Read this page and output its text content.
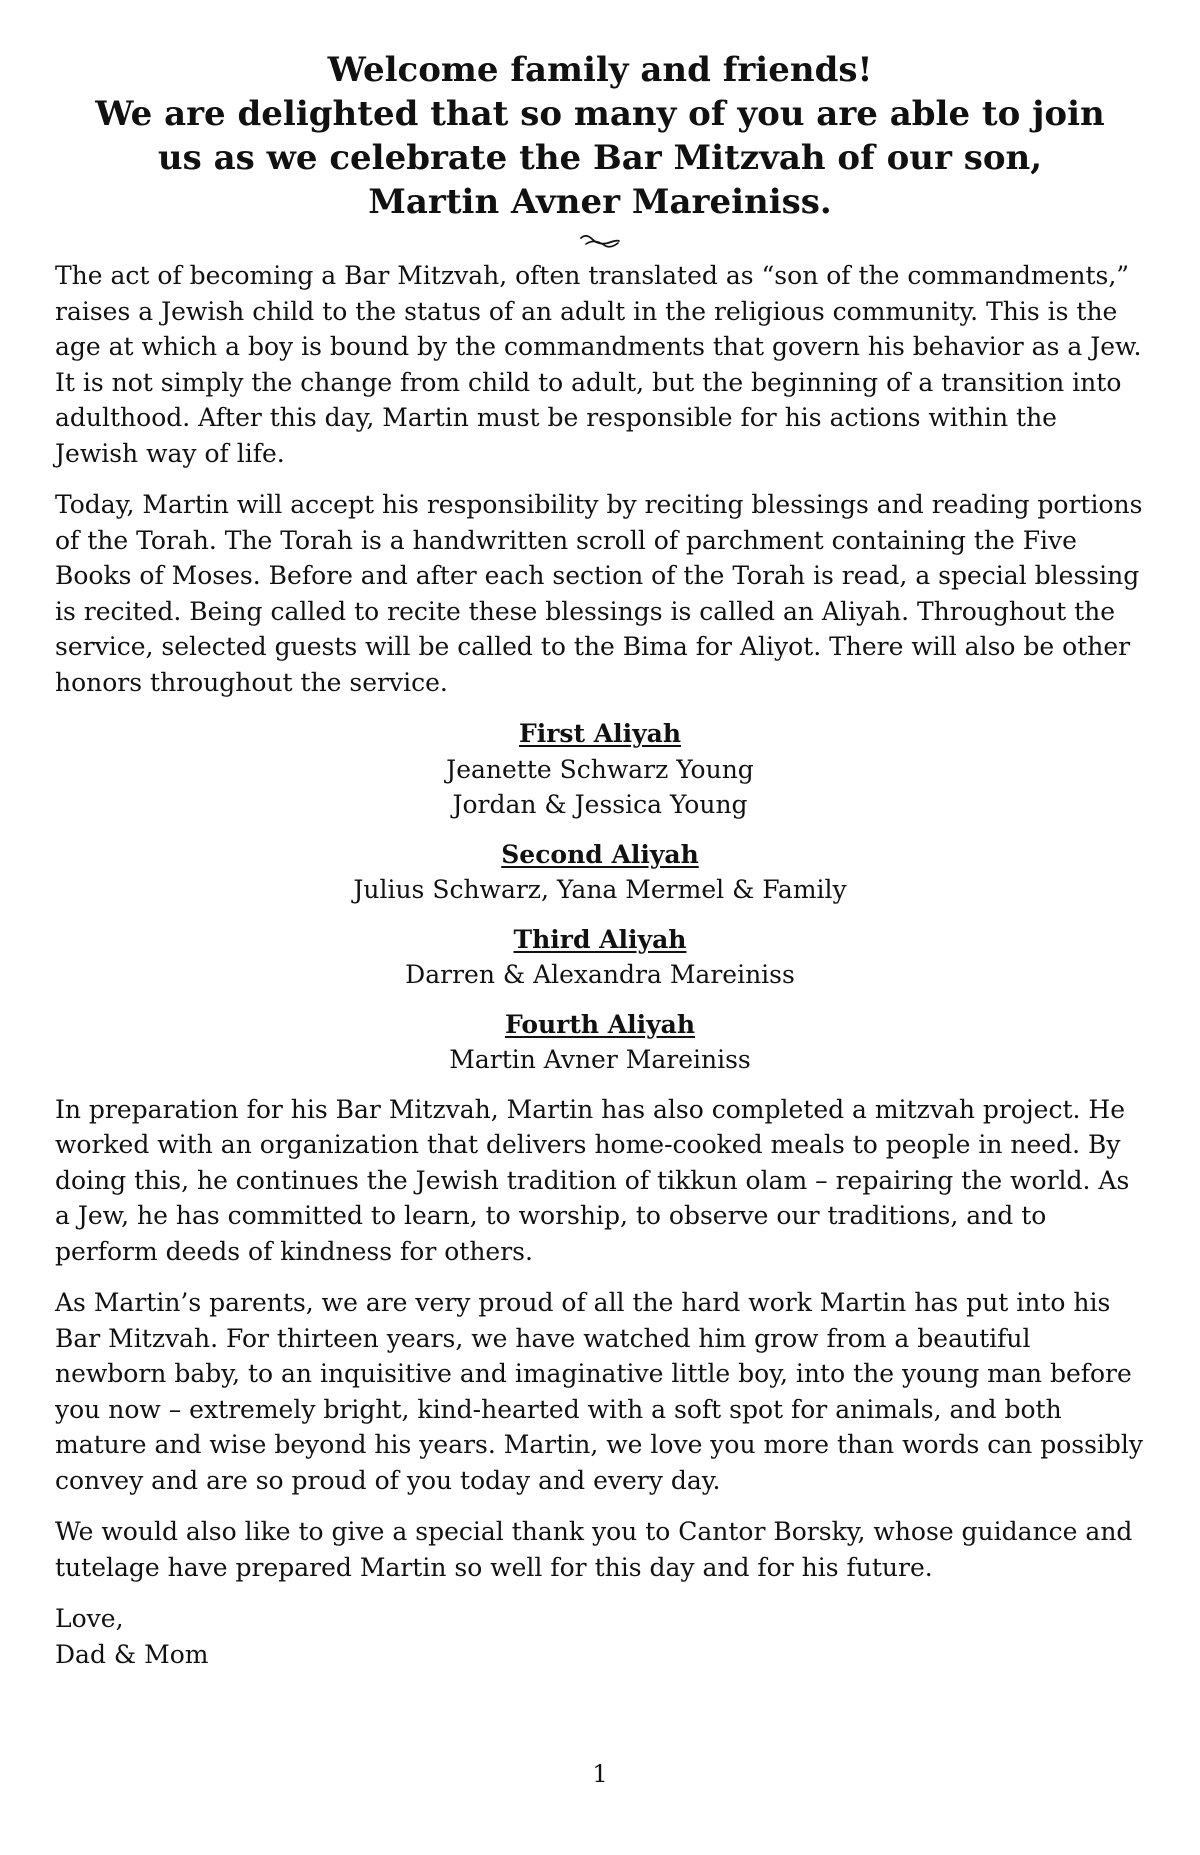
Welcome family and friends!
We are delighted that so many of you are able to join
us as we celebrate the Bar Mitzvah of our son,
Martin Avner Mareiniss.

The act of becoming a Bar Mitzvah, often translated as “son of the commandments,” raises a Jewish child to the status of an adult in the religious community. This is the age at which a boy is bound by the commandments that govern his behavior as a Jew. It is not simply the change from child to adult, but the beginning of a transition into adulthood. After this day, Martin must be responsible for his actions within the Jewish way of life.

Today, Martin will accept his responsibility by reciting blessings and reading portions of the Torah. The Torah is a handwritten scroll of parchment containing the Five Books of Moses. Before and after each section of the Torah is read, a special blessing is recited. Being called to recite these blessings is called an Aliyah. Throughout the service, selected guests will be called to the Bima for Aliyot. There will also be other honors throughout the service.

First Aliyah
Jeanette Schwarz Young
Jordan & Jessica Young
Second Aliyah
Julius Schwarz, Yana Mermel & Family
Third Aliyah
Darren & Alexandra Mareiniss
Fourth Aliyah
Martin Avner Mareiniss

In preparation for his Bar Mitzvah, Martin has also completed a mitzvah project. He worked with an organization that delivers home-cooked meals to people in need. By doing this, he continues the Jewish tradition of tikkun olam – repairing the world. As a Jew, he has committed to learn, to worship, to observe our traditions, and to perform deeds of kindness for others.

As Martin’s parents, we are very proud of all the hard work Martin has put into his Bar Mitzvah. For thirteen years, we have watched him grow from a beautiful newborn baby, to an inquisitive and imaginative little boy, into the young man before you now – extremely bright, kind-hearted with a soft spot for animals, and both mature and wise beyond his years. Martin, we love you more than words can possibly convey and are so proud of you today and every day.

We would also like to give a special thank you to Cantor Borsky, whose guidance and tutelage have prepared Martin so well for this day and for his future.

Love,
Dad & Mom
1
